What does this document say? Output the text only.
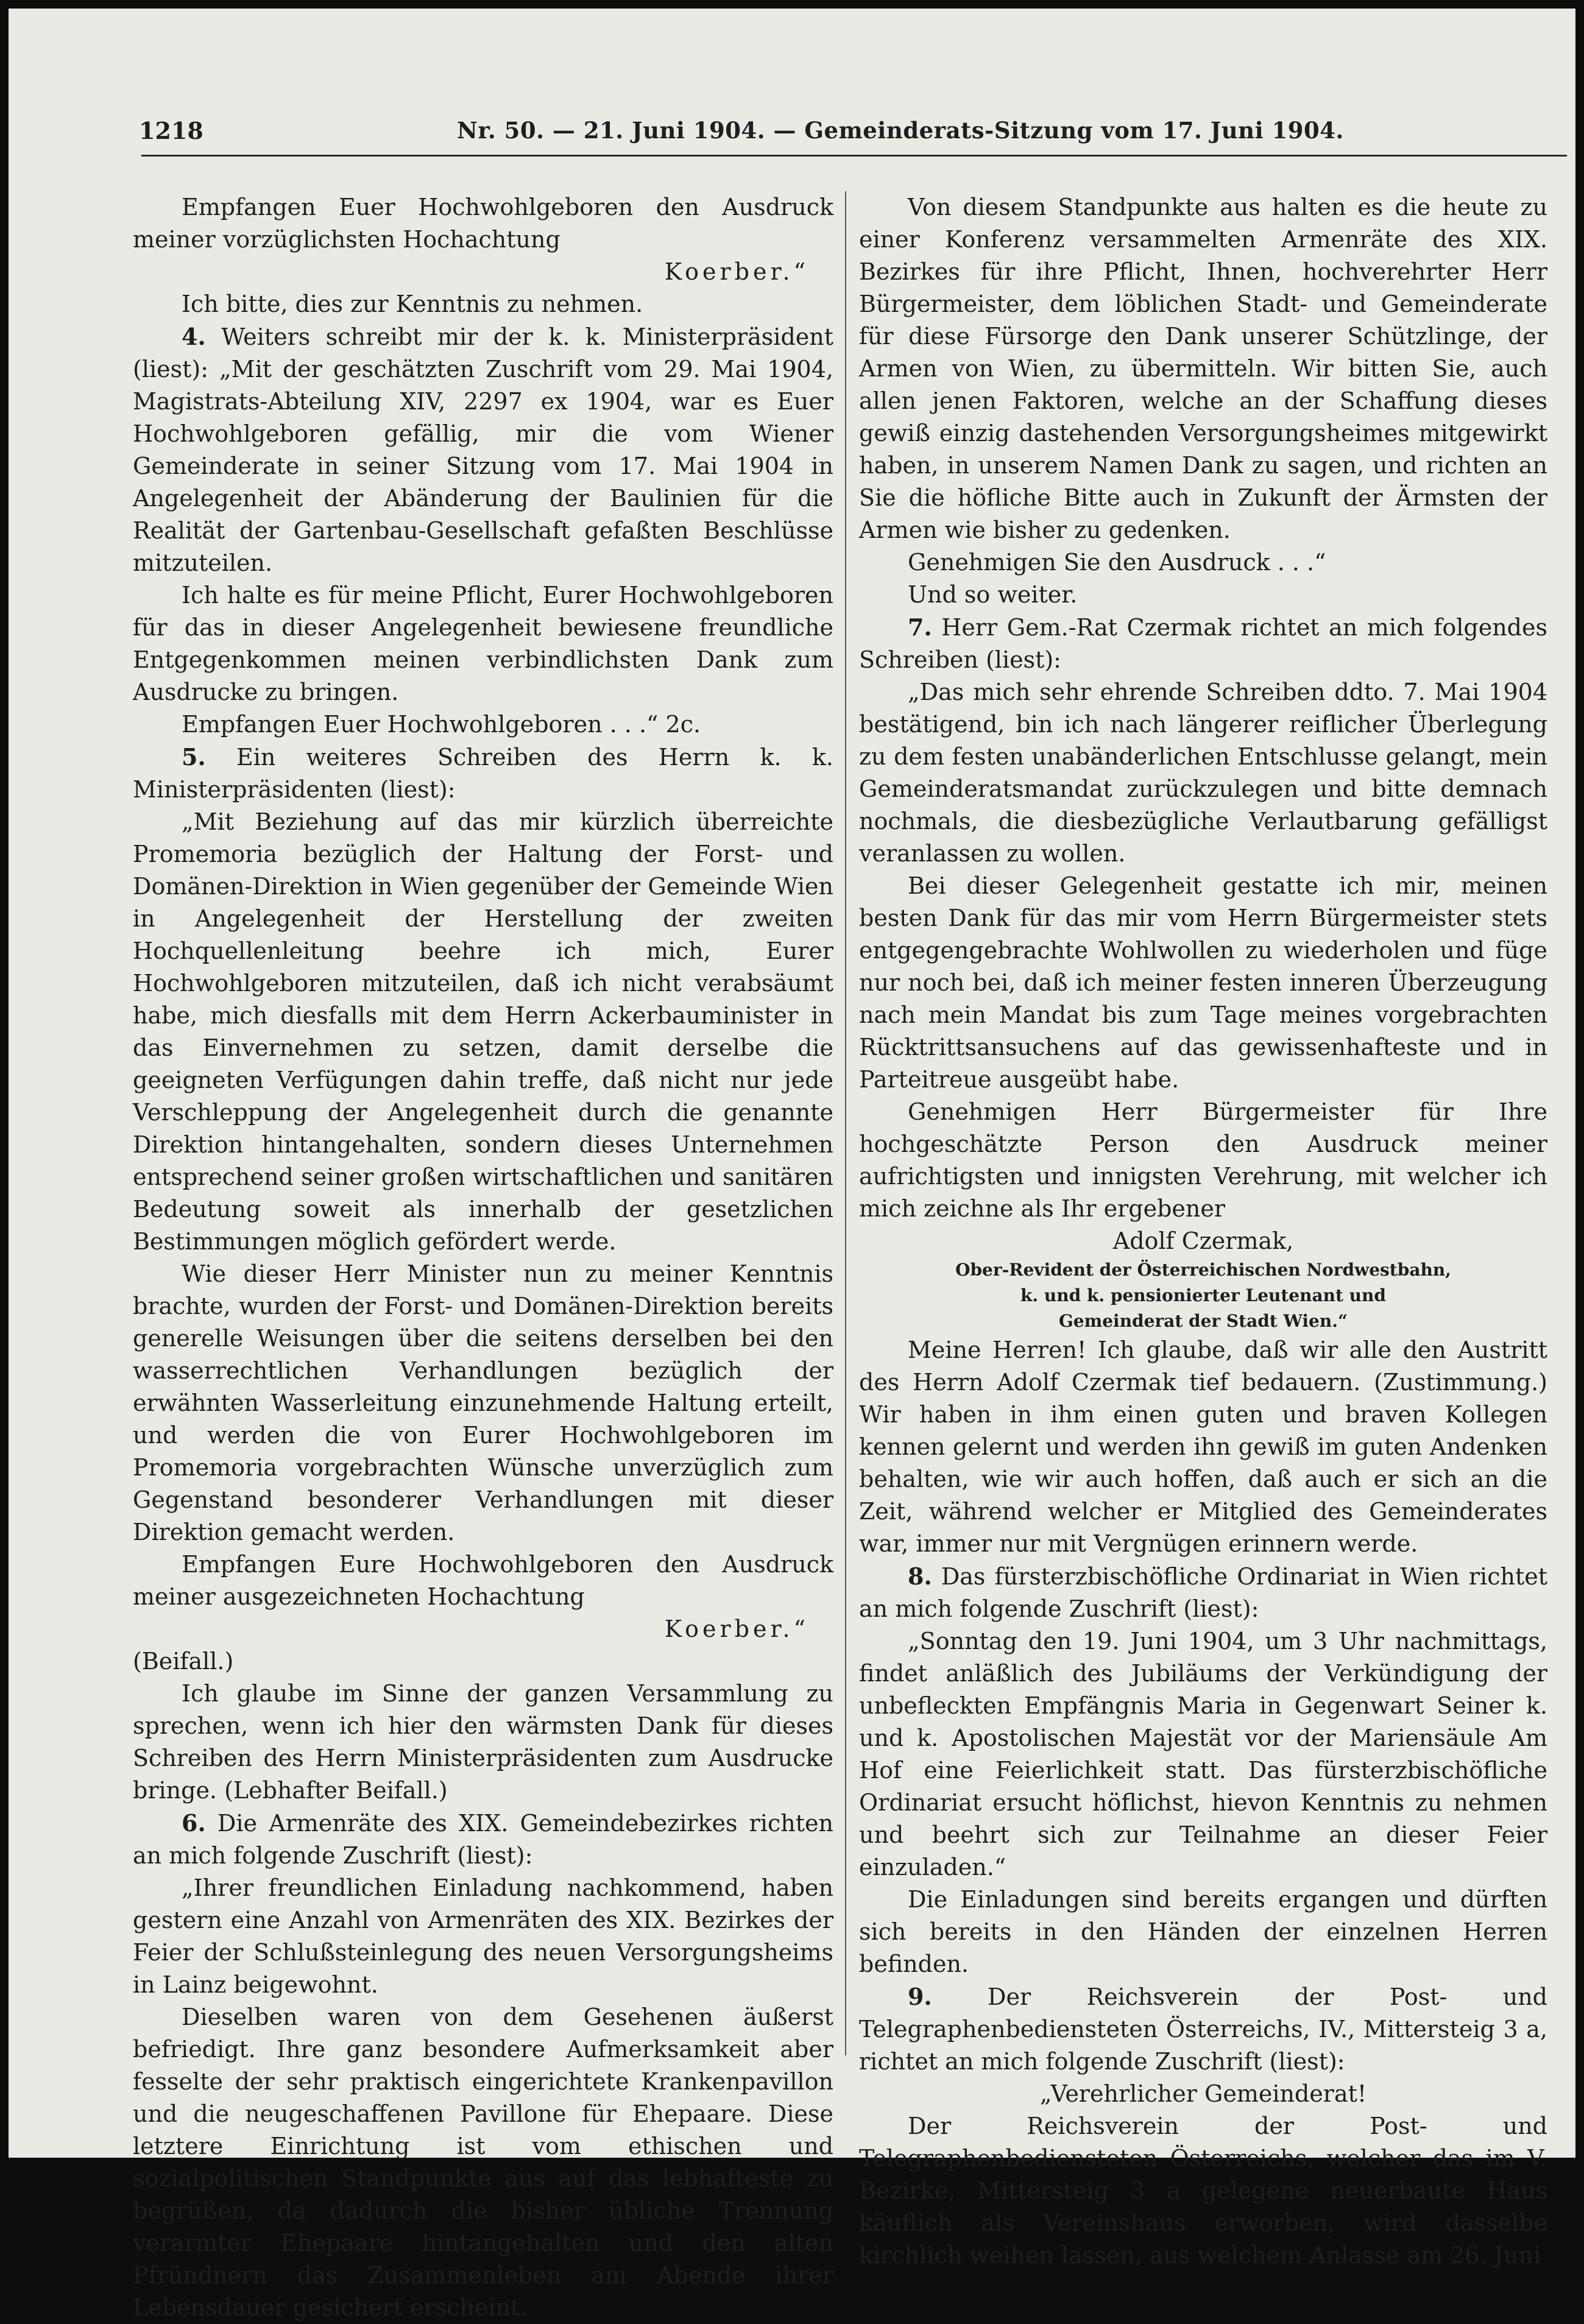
1218	Nr. 50. — 21. Juni 1904. — Gemeinderats-Sitzung vom 17. Juni 1904.

Empfangen Euer Hochwohlgeboren den Ausdruck meiner vorzüglichsten Hochachtung

Koerber.“

Ich bitte, dies zur Kenntnis zu nehmen.

4. Weiters schreibt mir der k. k. Ministerpräsident (liest): „Mit der geschätzten Zuschrift vom 29. Mai 1904, Magistrats-Abteilung XIV, 2297 ex 1904, war es Euer Hochwohlgeboren gefällig, mir die vom Wiener Gemeinderate in seiner Sitzung vom 17. Mai 1904 in Angelegenheit der Abänderung der Baulinien für die Realität der Gartenbau-Gesellschaft gefaßten Beschlüsse mitzuteilen.

Ich halte es für meine Pflicht, Eurer Hochwohlgeboren für das in dieser Angelegenheit bewiesene freundliche Entgegenkommen meinen verbindlichsten Dank zum Ausdrucke zu bringen.

Empfangen Euer Hochwohlgeboren . . .“ 2c.

5. Ein weiteres Schreiben des Herrn k. k. Ministerpräsidenten (liest):

„Mit Beziehung auf das mir kürzlich überreichte Promemoria bezüglich der Haltung der Forst- und Domänen-Direktion in Wien gegenüber der Gemeinde Wien in Angelegenheit der Herstellung der zweiten Hochquellenleitung beehre ich mich, Eurer Hochwohlgeboren mitzuteilen, daß ich nicht verabsäumt habe, mich diesfalls mit dem Herrn Ackerbauminister in das Einvernehmen zu setzen, damit derselbe die geeigneten Verfügungen dahin treffe, daß nicht nur jede Verschleppung der Angelegenheit durch die genannte Direktion hintangehalten, sondern dieses Unternehmen entsprechend seiner großen wirtschaftlichen und sanitären Bedeutung soweit als innerhalb der gesetzlichen Bestimmungen möglich gefördert werde.

Wie dieser Herr Minister nun zu meiner Kenntnis brachte, wurden der Forst- und Domänen-Direktion bereits generelle Weisungen über die seitens derselben bei den wasserrechtlichen Verhandlungen bezüglich der erwähnten Wasserleitung einzunehmende Haltung erteilt, und werden die von Eurer Hochwohlgeboren im Promemoria vorgebrachten Wünsche unverzüglich zum Gegenstand besonderer Verhandlungen mit dieser Direktion gemacht werden.

Empfangen Eure Hochwohlgeboren den Ausdruck meiner ausgezeichneten Hochachtung

Koerber.“

(Beifall.)

Ich glaube im Sinne der ganzen Versammlung zu sprechen, wenn ich hier den wärmsten Dank für dieses Schreiben des Herrn Ministerpräsidenten zum Ausdrucke bringe. (Lebhafter Beifall.)

6. Die Armenräte des XIX. Gemeindebezirkes richten an mich folgende Zuschrift (liest):

„Ihrer freundlichen Einladung nachkommend, haben gestern eine Anzahl von Armenräten des XIX. Bezirkes der Feier der Schlußsteinlegung des neuen Versorgungsheims in Lainz beigewohnt.

Dieselben waren von dem Gesehenen äußerst befriedigt. Ihre ganz besondere Aufmerksamkeit aber fesselte der sehr praktisch eingerichtete Krankenpavillon und die neugeschaffenen Pavillone für Ehepaare. Diese letztere Einrichtung ist vom ethischen und sozialpolitischen Standpunkte aus auf das lebhafteste zu begrüßen, da dadurch die bisher übliche Trennung verarmter Ehepaare hintangehalten und den alten Pfründnern das Zusammenleben am Abende ihrer Lebensdauer gesichert erscheint.

Von diesem Standpunkte aus halten es die heute zu einer Konferenz versammelten Armenräte des XIX. Bezirkes für ihre Pflicht, Ihnen, hochverehrter Herr Bürgermeister, dem löblichen Stadt- und Gemeinderate für diese Fürsorge den Dank unserer Schützlinge, der Armen von Wien, zu übermitteln. Wir bitten Sie, auch allen jenen Faktoren, welche an der Schaffung dieses gewiß einzig dastehenden Versorgungsheimes mitgewirkt haben, in unserem Namen Dank zu sagen, und richten an Sie die höfliche Bitte auch in Zukunft der Ärmsten der Armen wie bisher zu gedenken.

Genehmigen Sie den Ausdruck . . .“

Und so weiter.

7. Herr Gem.-Rat Czermak richtet an mich folgendes Schreiben (liest):

„Das mich sehr ehrende Schreiben ddto. 7. Mai 1904 bestätigend, bin ich nach längerer reiflicher Überlegung zu dem festen unabänderlichen Entschlusse gelangt, mein Gemeinderatsmandat zurückzulegen und bitte demnach nochmals, die diesbezügliche Verlautbarung gefälligst veranlassen zu wollen.

Bei dieser Gelegenheit gestatte ich mir, meinen besten Dank für das mir vom Herrn Bürgermeister stets entgegengebrachte Wohlwollen zu wiederholen und füge nur noch bei, daß ich meiner festen inneren Überzeugung nach mein Mandat bis zum Tage meines vorgebrachten Rücktrittsansuchens auf das gewissenhafteste und in Parteitreue ausgeübt habe.

Genehmigen Herr Bürgermeister für Ihre hochgeschätzte Person den Ausdruck meiner aufrichtigsten und innigsten Verehrung, mit welcher ich mich zeichne als Ihr ergebener

Adolf Czermak,

Ober-Revident der Österreichischen Nordwestbahn,

k. und k. pensionierter Leutenant und

Gemeinderat der Stadt Wien.“

Meine Herren! Ich glaube, daß wir alle den Austritt des Herrn Adolf Czermak tief bedauern. (Zustimmung.) Wir haben in ihm einen guten und braven Kollegen kennen gelernt und werden ihn gewiß im guten Andenken behalten, wie wir auch hoffen, daß auch er sich an die Zeit, während welcher er Mitglied des Gemeinderates war, immer nur mit Vergnügen erinnern werde.

8. Das fürsterzbischöfliche Ordinariat in Wien richtet an mich folgende Zuschrift (liest):

„Sonntag den 19. Juni 1904, um 3 Uhr nachmittags, findet anläßlich des Jubiläums der Verkündigung der unbefleckten Empfängnis Maria in Gegenwart Seiner k. und k. Apostolischen Majestät vor der Mariensäule Am Hof eine Feierlichkeit statt. Das fürsterzbischöfliche Ordinariat ersucht höflichst, hievon Kenntnis zu nehmen und beehrt sich zur Teilnahme an dieser Feier einzuladen.“

Die Einladungen sind bereits ergangen und dürften sich bereits in den Händen der einzelnen Herren befinden.

9. Der Reichsverein der Post- und Telegraphenbediensteten Österreichs, IV., Mittersteig 3 a, richtet an mich folgende Zuschrift (liest):

„Verehrlicher Gemeinderat!

Der Reichsverein der Post- und Telegraphenbediensteten Österreichs, welcher das im V. Bezirke, Mittersteig 3 a gelegene neuerbaute Haus käuflich als Vereinshaus erworben, wird dasselbe kirchlich weihen lassen, aus welchem Anlasse am 26. Juni
